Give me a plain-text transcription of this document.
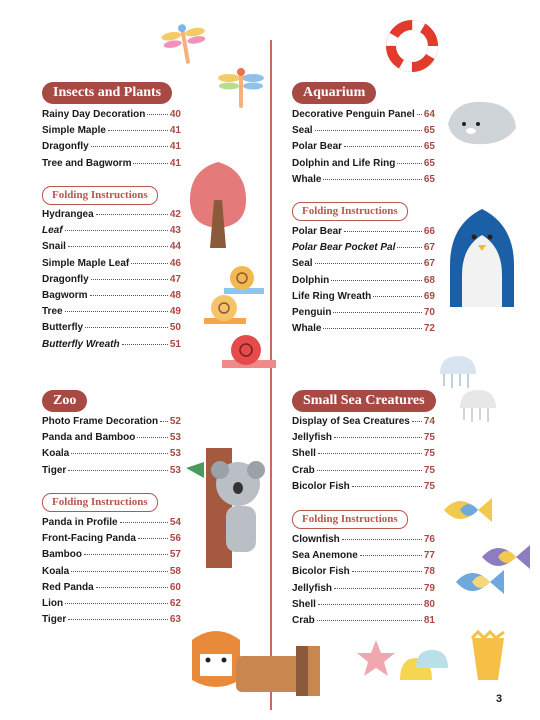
Insects and Plants
Rainy Day Decoration 40
Simple Maple	41
Dragonfly	41
Tree and Bagworm	41
Folding Instructions
Hydrangea	42
Leaf	43
Snail	44
Simple Maple Leaf	46
Dragonfly	47
Bagworm	48
Tree	49
Butterfly	50
Butterfly Wreath	51
Zoo
Photo Frame Decoration 52
Panda and Bamboo	53
Koala	53
Tiger	53
Folding Instructions
Panda in Profile	54
Front-Facing Panda	56
Bamboo	57
Koala	58
Red Panda	60
Lion	62
Tiger	63
Aquarium
Decorative Penguin Panel 64
Seal	65
Polar Bear	65
Dolphin and Life Ring	65
Whale	65
Folding Instructions
Polar Bear	66
Polar Bear Pocket Pal	67
Seal	67
Dolphin	68
Life Ring Wreath	69
Penguin	70
Whale	72
Small Sea Creatures
Display of Sea Creatures 74
Jellyfish	75
Shell	75
Crab	75
Bicolor Fish	75
Folding Instructions
Clownfish	76
Sea Anemone	77
Bicolor Fish	78
Jellyfish	79
Shell	80
Crab	81
3
